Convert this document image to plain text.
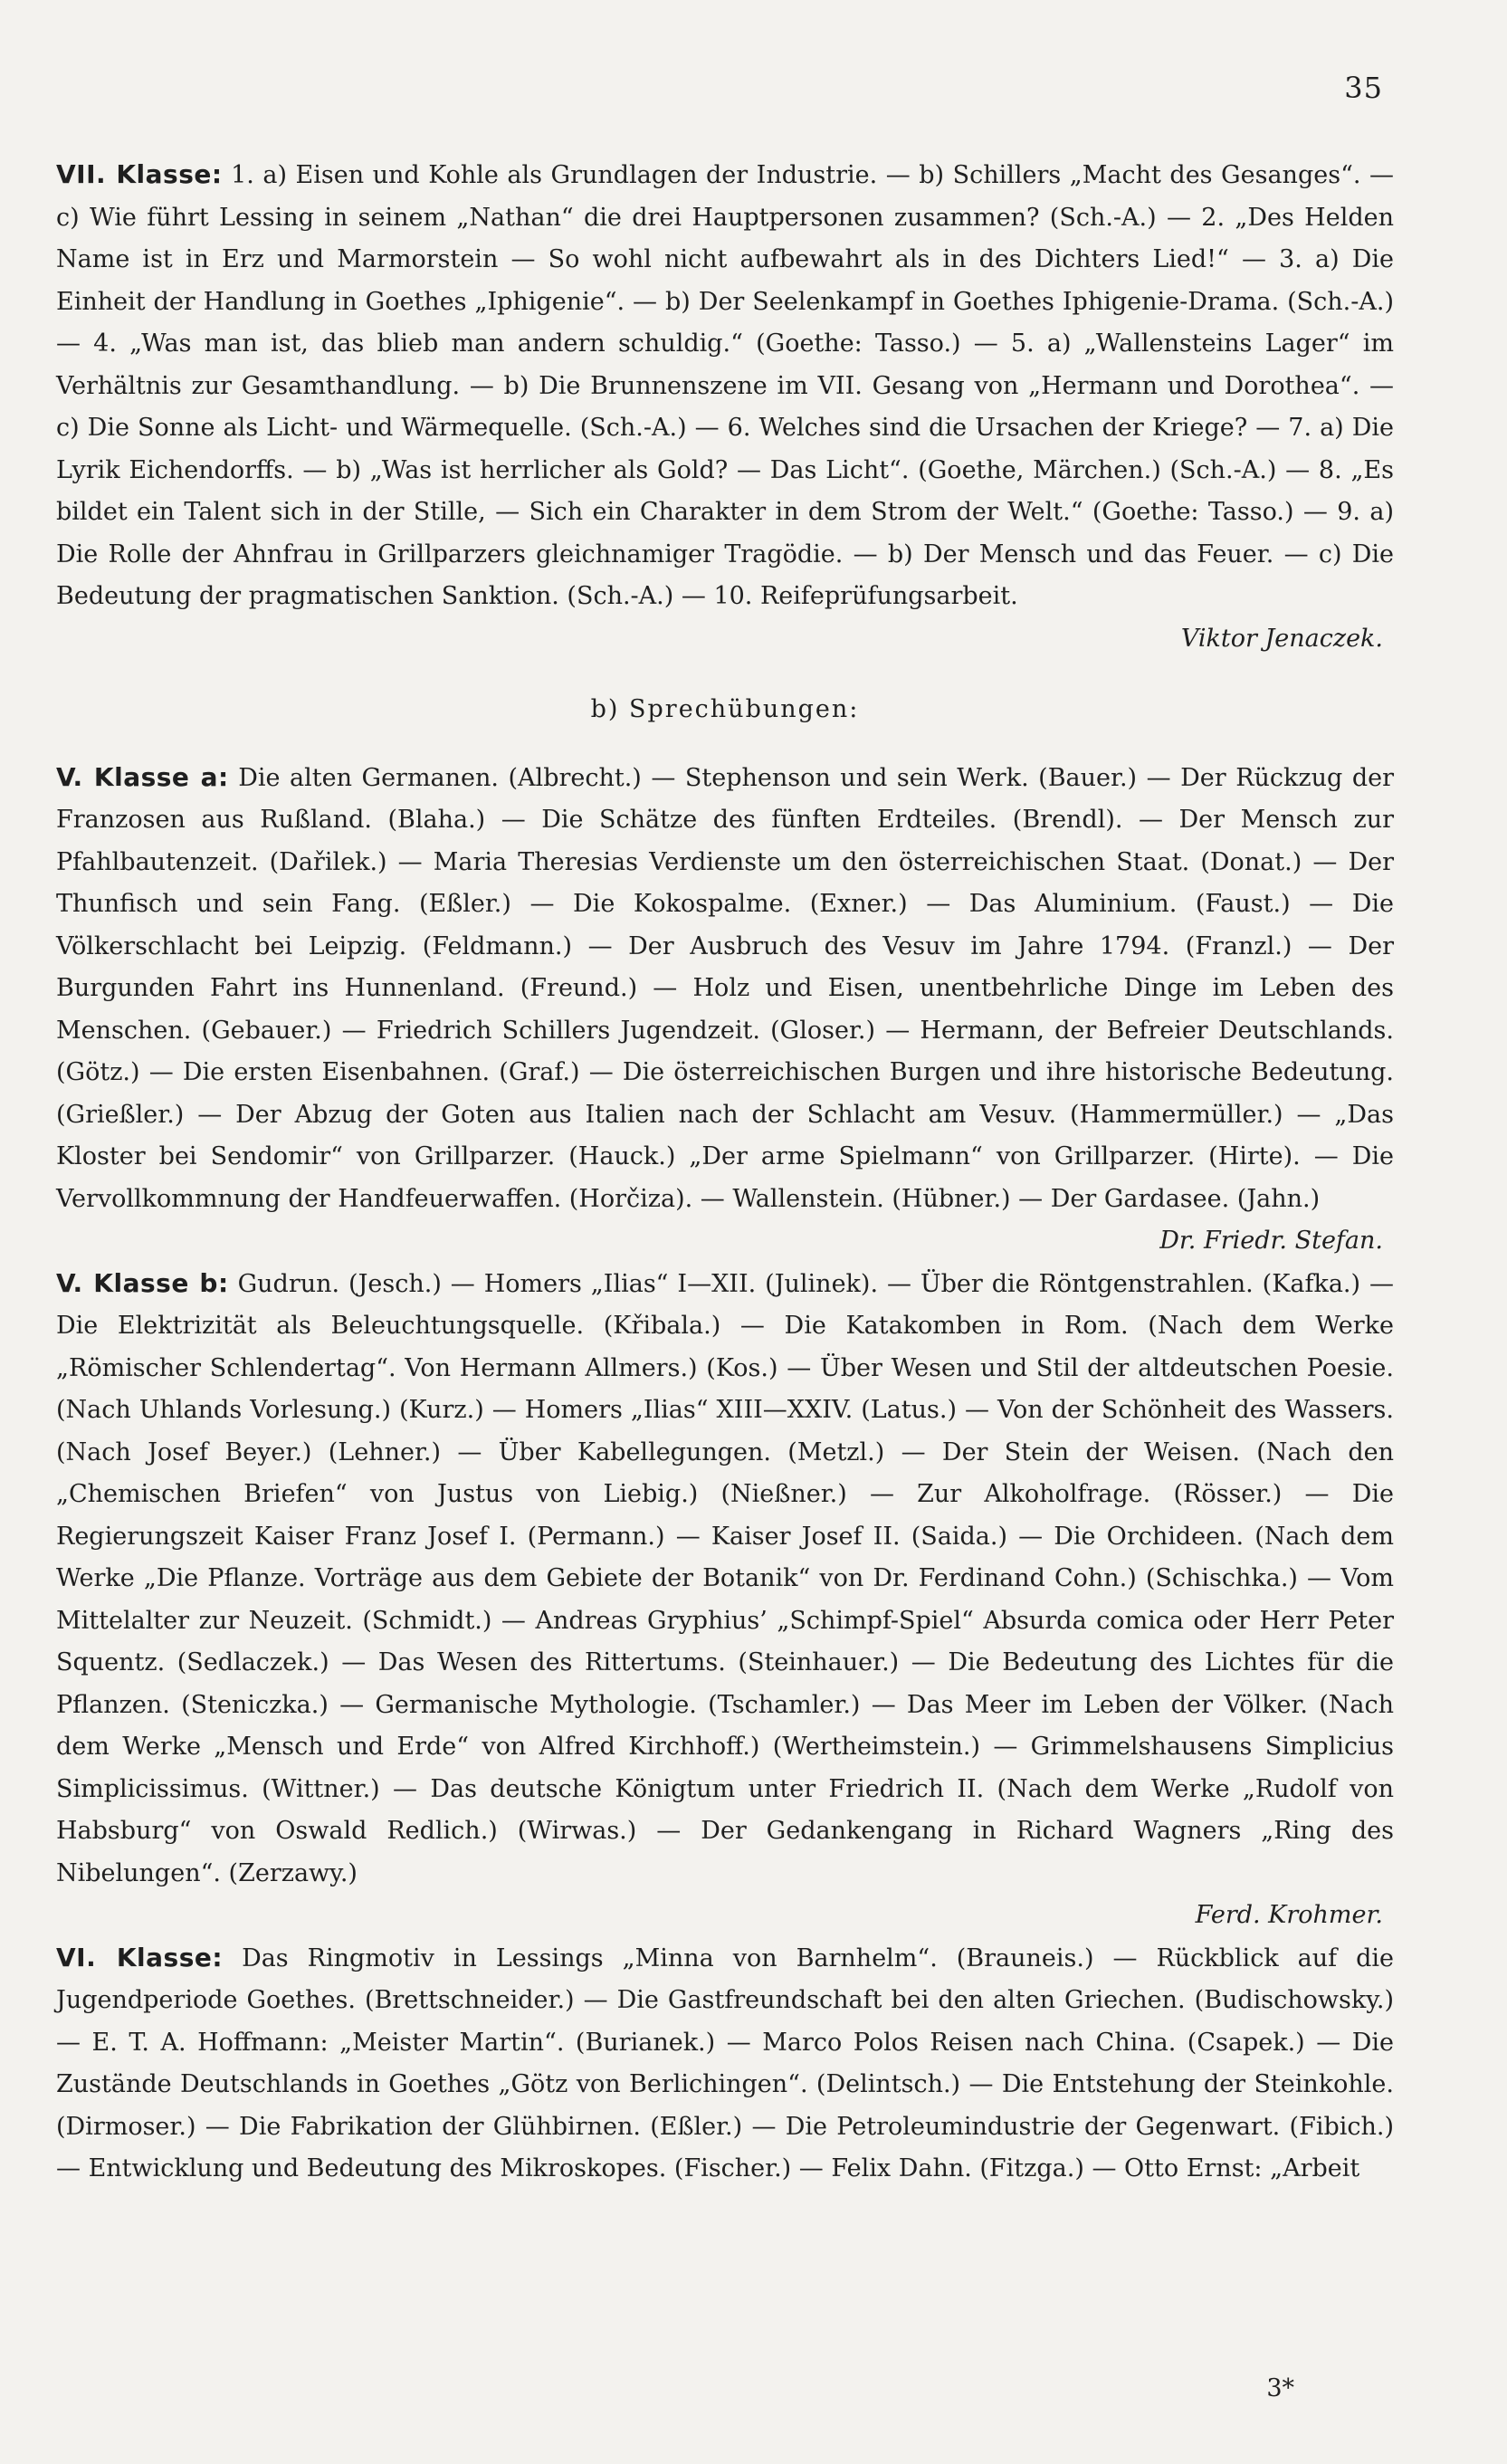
35

VII. Klasse: 1. a) Eisen und Kohle als Grundlagen der Industrie. — b) Schillers „Macht des Gesanges“. — c) Wie führt Lessing in seinem „Nathan“ die drei Hauptpersonen zusammen? (Sch.-A.) — 2. „Des Helden Name ist in Erz und Marmorstein — So wohl nicht aufbewahrt als in des Dichters Lied!“ — 3. a) Die Einheit der Handlung in Goethes „Iphigenie“. — b) Der Seelenkampf in Goethes Iphigenie-Drama. (Sch.-A.) — 4. „Was man ist, das blieb man andern schuldig.“ (Goethe: Tasso.) — 5. a) „Wallensteins Lager“ im Verhältnis zur Gesamthandlung. — b) Die Brunnenszene im VII. Gesang von „Hermann und Dorothea“. — c) Die Sonne als Licht- und Wärmequelle. (Sch.-A.) — 6. Welches sind die Ursachen der Kriege? — 7. a) Die Lyrik Eichendorffs. — b) „Was ist herrlicher als Gold? — Das Licht“. (Goethe, Märchen.) (Sch.-A.) — 8. „Es bildet ein Talent sich in der Stille, — Sich ein Charakter in dem Strom der Welt.“ (Goethe: Tasso.) — 9. a) Die Rolle der Ahnfrau in Grillparzers gleichnamiger Tragödie. — b) Der Mensch und das Feuer. — c) Die Bedeutung der pragmatischen Sanktion. (Sch.-A.) — 10. Reifeprüfungsarbeit.

Viktor Jenaczek.

b) Sprechübungen:

V. Klasse a: Die alten Germanen. (Albrecht.) — Stephenson und sein Werk. (Bauer.) — Der Rückzug der Franzosen aus Rußland. (Blaha.) — Die Schätze des fünften Erdteiles. (Brendl). — Der Mensch zur Pfahlbautenzeit. (Dařilek.) — Maria Theresias Verdienste um den österreichischen Staat. (Donat.) — Der Thunfisch und sein Fang. (Eßler.) — Die Kokospalme. (Exner.) — Das Aluminium. (Faust.) — Die Völkerschlacht bei Leipzig. (Feldmann.) — Der Ausbruch des Vesuv im Jahre 1794. (Franzl.) — Der Burgunden Fahrt ins Hunnenland. (Freund.) — Holz und Eisen, unentbehrliche Dinge im Leben des Menschen. (Gebauer.) — Friedrich Schillers Jugendzeit. (Gloser.) — Hermann, der Befreier Deutschlands. (Götz.) — Die ersten Eisenbahnen. (Graf.) — Die österreichischen Burgen und ihre historische Bedeutung. (Grießler.) — Der Abzug der Goten aus Italien nach der Schlacht am Vesuv. (Hammermüller.) — „Das Kloster bei Sendomir“ von Grillparzer. (Hauck.) „Der arme Spielmann“ von Grillparzer. (Hirte). — Die Vervollkommnung der Handfeuerwaffen. (Horčiza). — Wallenstein. (Hübner.) — Der Gardasee. (Jahn.)

Dr. Friedr. Stefan.

V. Klasse b: Gudrun. (Jesch.) — Homers „Ilias“ I—XII. (Julinek). — Über die Röntgenstrahlen. (Kafka.) — Die Elektrizität als Beleuchtungsquelle. (Křibala.) — Die Katakomben in Rom. (Nach dem Werke „Römischer Schlendertag“. Von Hermann Allmers.) (Kos.) — Über Wesen und Stil der altdeutschen Poesie. (Nach Uhlands Vorlesung.) (Kurz.) — Homers „Ilias“ XIII—XXIV. (Latus.) — Von der Schönheit des Wassers. (Nach Josef Beyer.) (Lehner.) — Über Kabellegungen. (Metzl.) — Der Stein der Weisen. (Nach den „Chemischen Briefen“ von Justus von Liebig.) (Nießner.) — Zur Alkoholfrage. (Rösser.) — Die Regierungszeit Kaiser Franz Josef I. (Permann.) — Kaiser Josef II. (Saida.) — Die Orchideen. (Nach dem Werke „Die Pflanze. Vorträge aus dem Gebiete der Botanik“ von Dr. Ferdinand Cohn.) (Schischka.) — Vom Mittelalter zur Neuzeit. (Schmidt.) — Andreas Gryphius’ „Schimpf-Spiel“ Absurda comica oder Herr Peter Squentz. (Sedlaczek.) — Das Wesen des Rittertums. (Steinhauer.) — Die Bedeutung des Lichtes für die Pflanzen. (Steniczka.) — Germanische Mythologie. (Tschamler.) — Das Meer im Leben der Völker. (Nach dem Werke „Mensch und Erde“ von Alfred Kirchhoff.) (Wertheimstein.) — Grimmelshausens Simplicius Simplicissimus. (Wittner.) — Das deutsche Königtum unter Friedrich II. (Nach dem Werke „Rudolf von Habsburg“ von Oswald Redlich.) (Wirwas.) — Der Gedankengang in Richard Wagners „Ring des Nibelungen“. (Zerzawy.)

Ferd. Krohmer.

VI. Klasse: Das Ringmotiv in Lessings „Minna von Barnhelm“. (Brauneis.) — Rückblick auf die Jugendperiode Goethes. (Brettschneider.) — Die Gastfreundschaft bei den alten Griechen. (Budischowsky.) — E. T. A. Hoffmann: „Meister Martin“. (Burianek.) — Marco Polos Reisen nach China. (Csapek.) — Die Zustände Deutschlands in Goethes „Götz von Berlichingen“. (Delintsch.) — Die Entstehung der Steinkohle. (Dirmoser.) — Die Fabrikation der Glühbirnen. (Eßler.) — Die Petroleumindustrie der Gegenwart. (Fibich.) — Entwicklung und Bedeutung des Mikroskopes. (Fischer.) — Felix Dahn. (Fitzga.) — Otto Ernst: „Arbeit

3*
